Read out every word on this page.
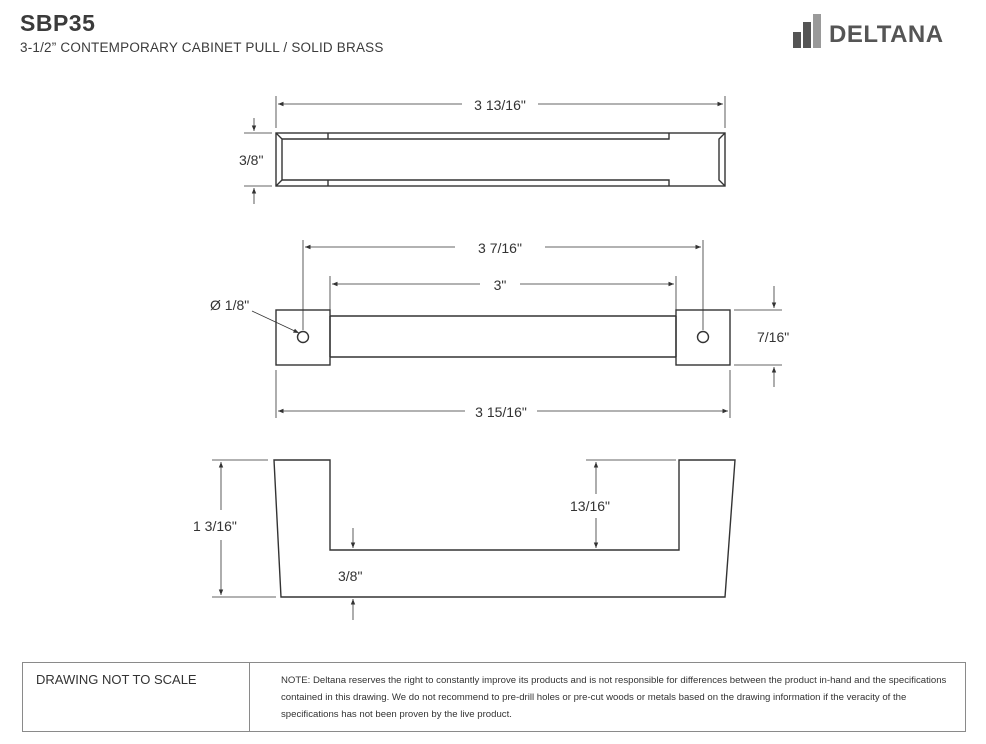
SBP35
3-1/2” CONTEMPORARY CABINET PULL / SOLID BRASS	DELTANA
3 13/16"
3/8"
3 7/16"
3"
Ø 1/8"
7/16"
3 15/16"
1 3/16"
13/16"
3/8"
DRAWING NOT TO SCALE	NOTE: Deltana reserves the right to constantly improve its products and is not responsible for differences between the product in-hand and the specifications contained in this drawing. We do not recommend to pre-drill holes or pre-cut woods or metals based on the drawing information if the veracity of the specifications has not been proven by the live product.
